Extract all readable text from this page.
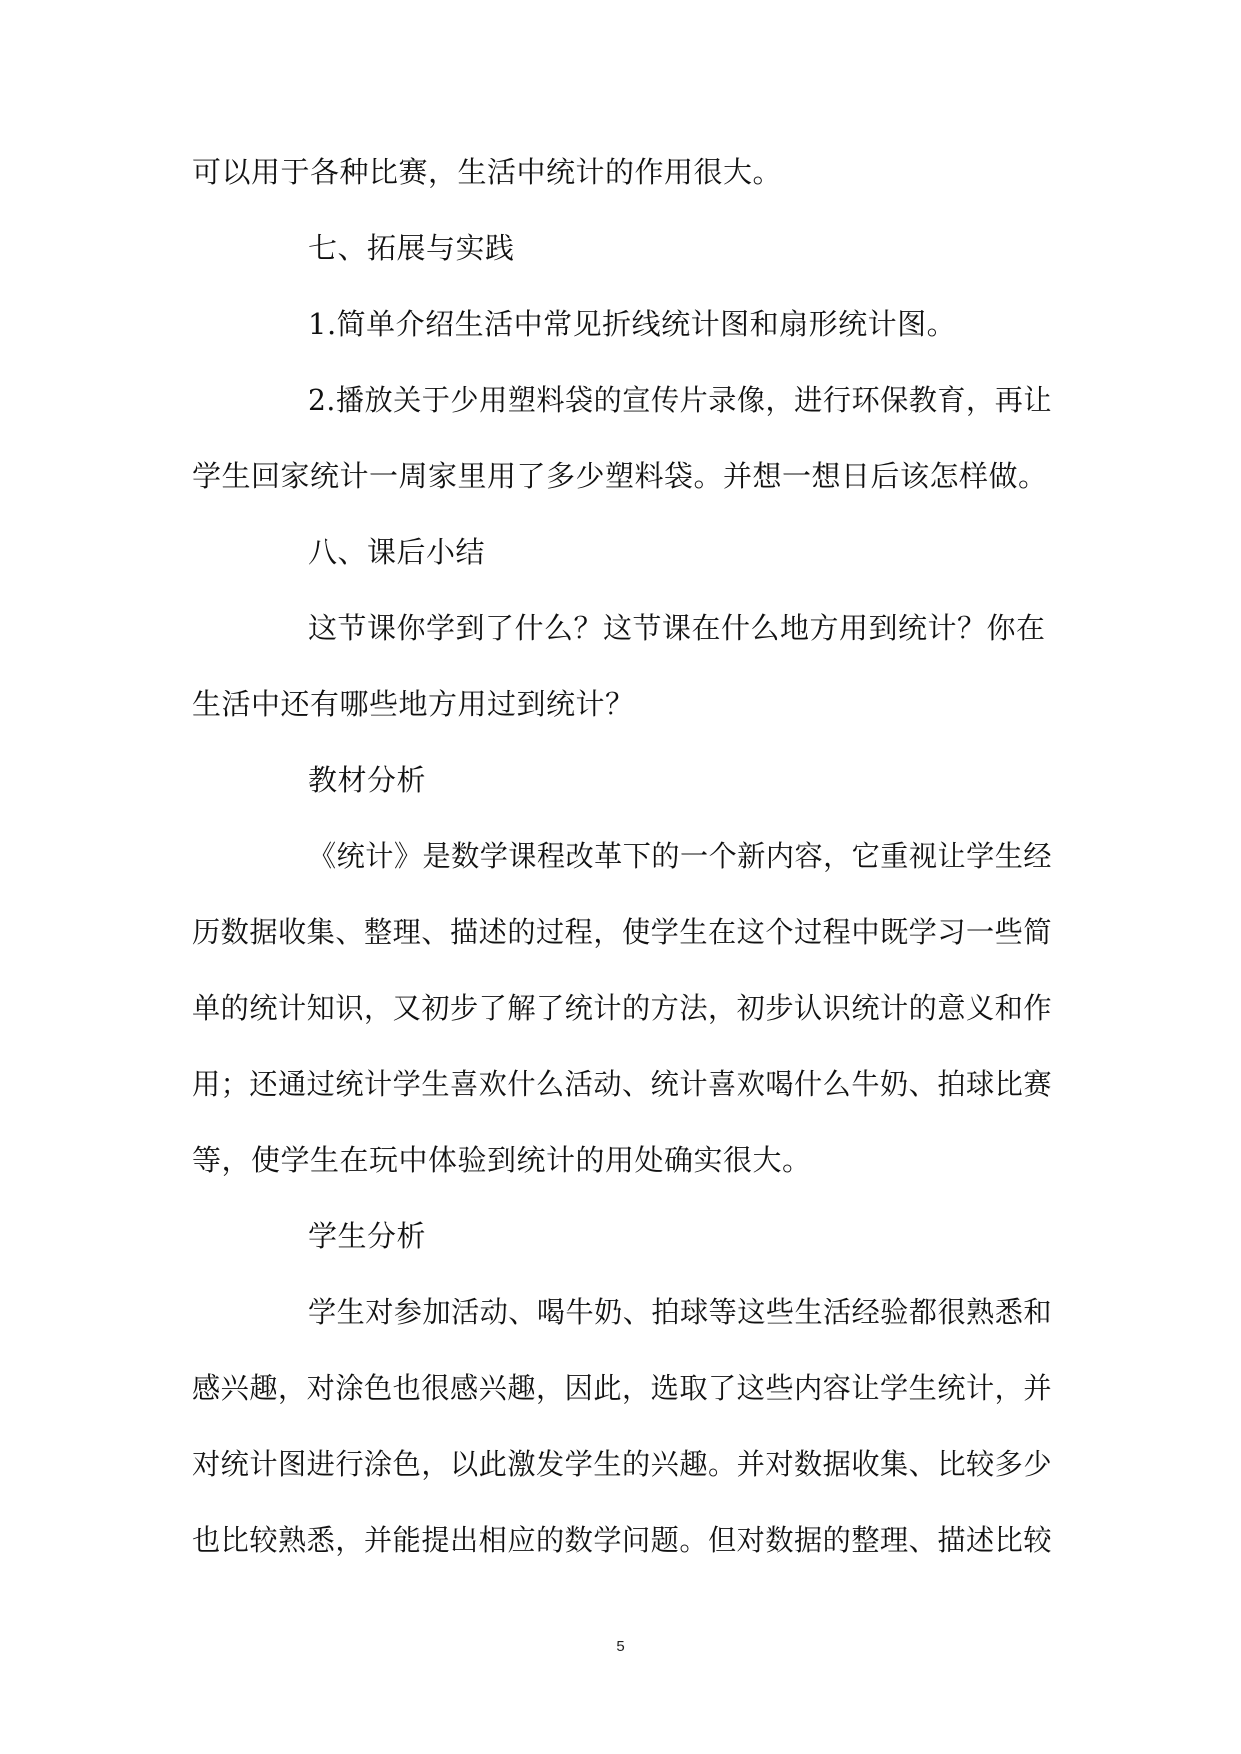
可以用于各种比赛，生活中统计的作用很大。
七、拓展与实践
1.简单介绍生活中常见折线统计图和扇形统计图。
2.播放关于少用塑料袋的宣传片录像，进行环保教育，再让
学生回家统计一周家里用了多少塑料袋。并想一想日后该怎样做。
八、课后小结
这节课你学到了什么？这节课在什么地方用到统计？你在
生活中还有哪些地方用过到统计？
教材分析
《统计》是数学课程改革下的一个新内容，它重视让学生经
历数据收集、整理、描述的过程，使学生在这个过程中既学习一些简
单的统计知识，又初步了解了统计的方法，初步认识统计的意义和作
用；还通过统计学生喜欢什么活动、统计喜欢喝什么牛奶、拍球比赛
等，使学生在玩中体验到统计的用处确实很大。
学生分析
学生对参加活动、喝牛奶、拍球等这些生活经验都很熟悉和
感兴趣，对涂色也很感兴趣，因此，选取了这些内容让学生统计，并
对统计图进行涂色，以此激发学生的兴趣。并对数据收集、比较多少
也比较熟悉，并能提出相应的数学问题。但对数据的整理、描述比较
5
